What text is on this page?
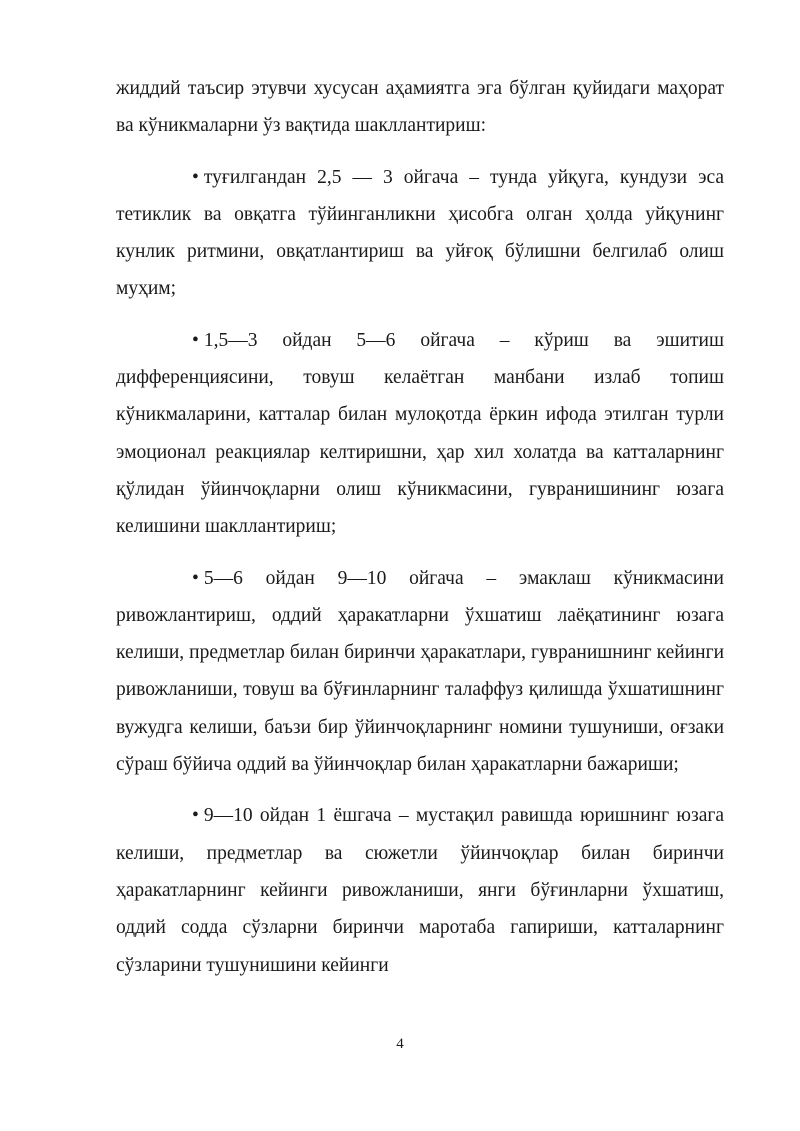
жиддий таъсир этувчи хусусан аҳамиятга эга бўлган қуйидаги маҳорат ва кўникмаларни ўз вақтида шакллантириш:

• туғилгандан 2,5 — 3 ойгача – тунда уйқуга, кундузи эса тетиклик ва овқатга тўйинганликни ҳисобга олган ҳолда уйқунинг кунлик ритмини, овқатлантириш ва уйғоқ бўлишни белгилаб олиш муҳим;

• 1,5—3 ойдан 5—6 ойгача – кўриш ва эшитиш дифференциясини, товуш келаётган манбани излаб топиш кўникмаларини, катталар билан мулоқотда ёркин ифода этилган турли эмоционал реакциялар келтиришни, ҳар хил холатда ва катталарнинг қўлидан ўйинчоқларни олиш кўникмасини, гувранишининг юзага келишини шакллантириш;

• 5—6 ойдан 9—10 ойгача – эмаклаш кўникмасини ривожлантириш, оддий ҳаракатларни ўхшатиш лаёқатининг юзага келиши, предметлар билан биринчи ҳаракатлари, гувранишнинг кейинги ривожланиши, товуш ва бўғинларнинг талаффуз қилишда ўхшатишнинг вужудга келиши, баъзи бир ўйинчоқларнинг номини тушуниши, оғзаки сўраш бўйича оддий ва ўйинчоқлар билан ҳаракатларни бажариши;

• 9—10 ойдан 1 ёшгача – мустақил равишда юришнинг юзага келиши, предметлар ва сюжетли ўйинчоқлар билан биринчи ҳаракатларнинг кейинги ривожланиши, янги бўғинларни ўхшатиш, оддий содда сўзларни биринчи маротаба гапириши, катталарнинг сўзларини тушунишини кейинги

4
